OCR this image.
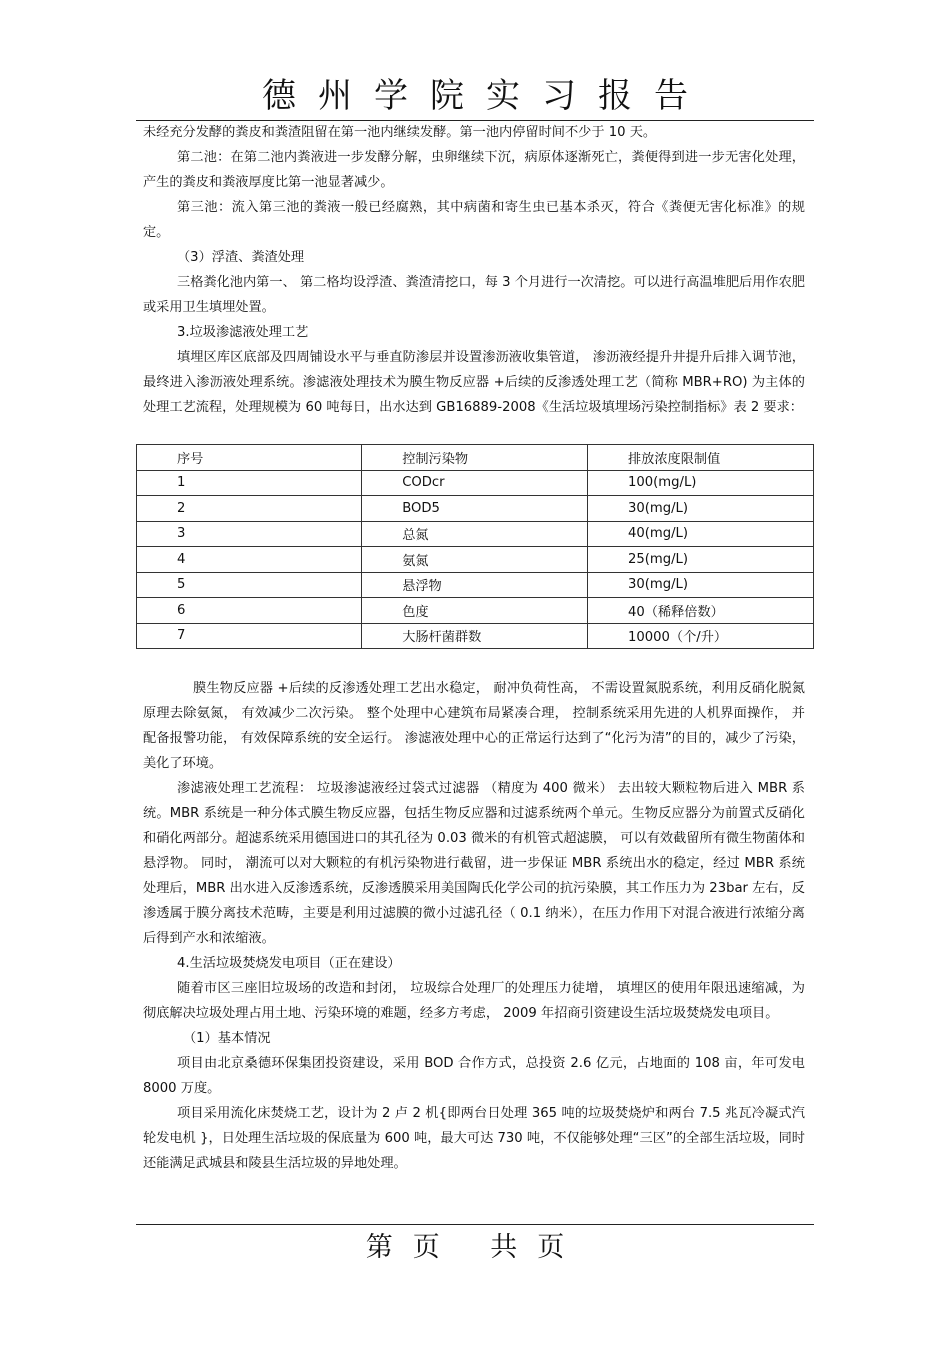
德州学院实习报告

未经充分发酵的粪皮和粪渣阻留在第一池内继续发酵。第一池内停留时间不少于 10 天。

第二池：在第二池内粪液进一步发酵分解，虫卵继续下沉，病原体逐渐死亡，粪便得到进一步无害化处理，产生的粪皮和粪液厚度比第一池显著减少。

第三池：流入第三池的粪液一般已经腐熟，其中病菌和寄生虫已基本杀灭，符合《粪便无害化标准》的规定。

（3）浮渣、粪渣处理

三格粪化池内第一、 第二格均设浮渣、粪渣清挖口，每 3 个月进行一次清挖。可以进行高温堆肥后用作农肥或采用卫生填埋处置。

3.垃圾渗滤液处理工艺

填埋区库区底部及四周铺设水平与垂直防渗层并设置渗沥液收集管道， 渗沥液经提升井提升后排入调节池，最终进入渗沥液处理系统。渗滤液处理技术为膜生物反应器 +后续的反渗透处理工艺（简称 MBR+RO) 为主体的处理工艺流程，处理规模为 60 吨每日，出水达到 GB16889-2008《生活垃圾填埋场污染控制指标》表 2 要求：

序号	控制污染物	排放浓度限制值
1	CODcr	100(mg/L)
2	BOD5	30(mg/L)
3	总氮	40(mg/L)
4	氨氮	25(mg/L)
5	悬浮物	30(mg/L)
6	色度	40（稀释倍数）
7	大肠杆菌群数	10000（个/升）

膜生物反应器 +后续的反渗透处理工艺出水稳定， 耐冲负荷性高， 不需设置氮脱系统，利用反硝化脱氮原理去除氨氮， 有效减少二次污染。 整个处理中心建筑布局紧凑合理， 控制系统采用先进的人机界面操作， 并配备报警功能， 有效保障系统的安全运行。 渗滤液处理中心的正常运行达到了“化污为清”的目的，减少了污染，美化了环境。

渗滤液处理工艺流程： 垃圾渗滤液经过袋式过滤器 （精度为 400 微米） 去出较大颗粒物后进入 MBR 系统。MBR 系统是一种分体式膜生物反应器，包括生物反应器和过滤系统两个单元。生物反应器分为前置式反硝化和硝化两部分。超滤系统采用德国进口的其孔径为 0.03 微米的有机管式超滤膜， 可以有效截留所有微生物菌体和悬浮物。 同时， 潮流可以对大颗粒的有机污染物进行截留，进一步保证 MBR 系统出水的稳定，经过 MBR 系统处理后，MBR 出水进入反渗透系统，反渗透膜采用美国陶氏化学公司的抗污染膜，其工作压力为 23bar 左右，反渗透属于膜分离技术范畴，主要是利用过滤膜的微小过滤孔径（ 0.1 纳米），在压力作用下对混合液进行浓缩分离后得到产水和浓缩液。

4.生活垃圾焚烧发电项目（正在建设）

随着市区三座旧垃圾场的改造和封闭， 垃圾综合处理厂的处理压力徒增， 填埋区的使用年限迅速缩减，为彻底解决垃圾处理占用土地、污染环境的难题，经多方考虑， 2009 年招商引资建设生活垃圾焚烧发电项目。

（1）基本情况

项目由北京桑德环保集团投资建设，采用 BOD 合作方式，总投资 2.6 亿元，占地面的 108 亩，年可发电 8000 万度。

项目采用流化床焚烧工艺，设计为 2 卢 2 机{即两台日处理 365 吨的垃圾焚烧炉和两台 7.5 兆瓦冷凝式汽轮发电机 }，日处理生活垃圾的保底量为 600 吨，最大可达 730 吨，不仅能够处理“三区”的全部生活垃圾，同时还能满足武城县和陵县生活垃圾的异地处理。

第页 共页
